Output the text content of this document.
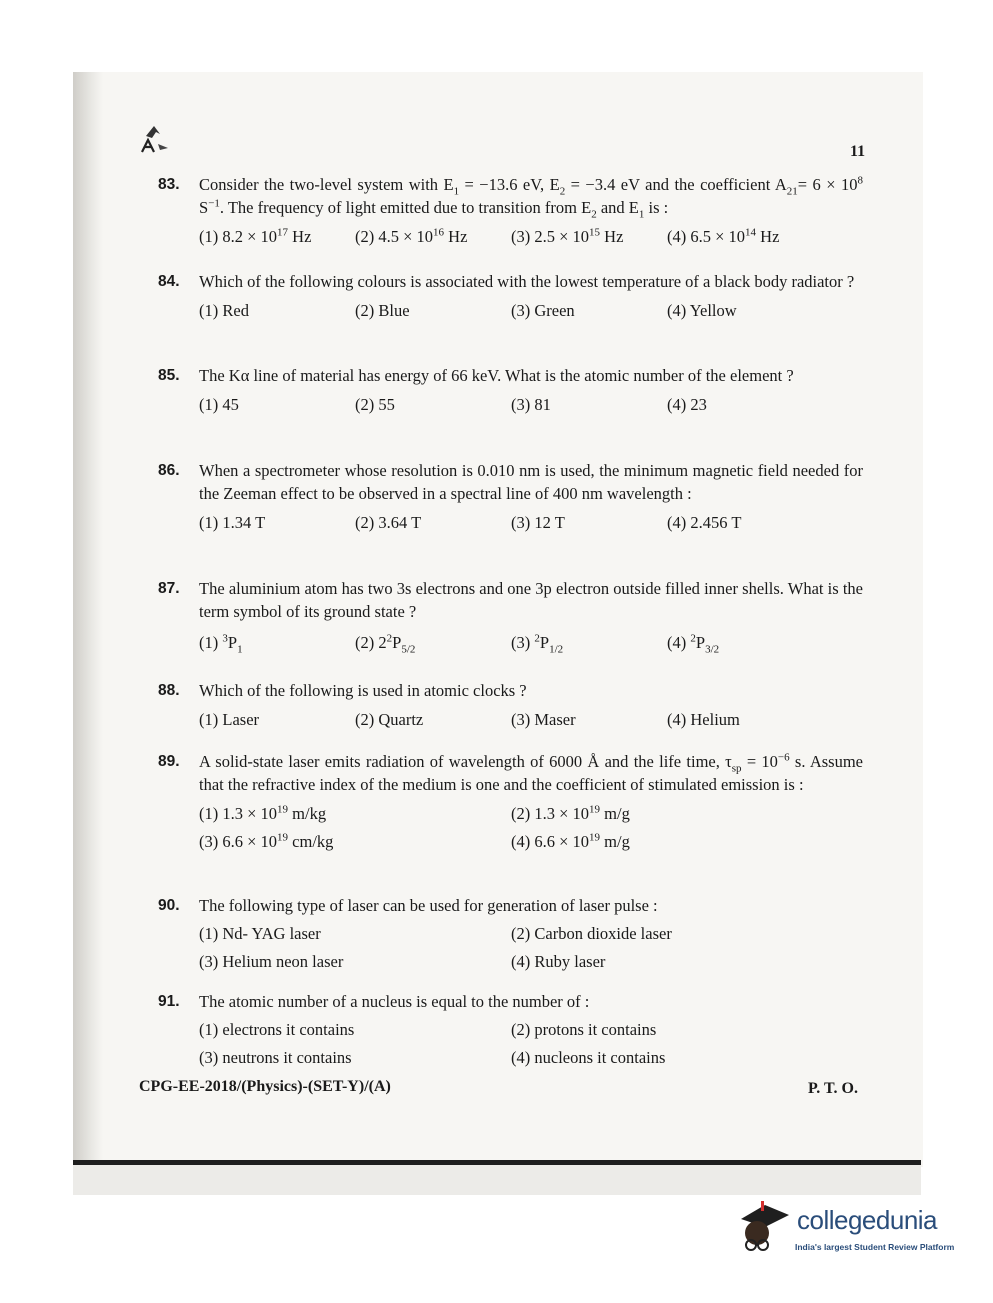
11
83. Consider the two-level system with $E_1 = -13.6$ eV, $E_2 = -3.4$ eV and the coefficient $A_{21}= 6 \times 10^8$ $S^{-1}$. The frequency of light emitted due to transition from $E_2$ and $E_1$ is :
(1) $8.2 \times 10^{17}$ Hz	(2) $4.5 \times 10^{16}$ Hz	(3) $2.5 \times 10^{15}$ Hz	(4) $6.5 \times 10^{14}$ Hz
84. Which of the following colours is associated with the lowest temperature of a black body radiator ?
(1) Red	(2) Blue	(3) Green	(4) Yellow
85. The Kα line of material has energy of 66 keV. What is the atomic number of the element ?
(1) 45	(2) 55	(3) 81	(4) 23
86. When a spectrometer whose resolution is 0.010 nm is used, the minimum magnetic field needed for the Zeeman effect to be observed in a spectral line of 400 nm wavelength :
(1) 1.34 T	(2) 3.64 T	(3) 12 T	(4) 2.456 T
87. The aluminium atom has two 3s electrons and one 3p electron outside filled inner shells. What is the term symbol of its ground state ?
(1) $^3P_1$	(2) $2^2P_{5/2}$	(3) $^2P_{1/2}$	(4) $^2P_{3/2}$
88. Which of the following is used in atomic clocks ?
(1) Laser	(2) Quartz	(3) Maser	(4) Helium
89. A solid-state laser emits radiation of wavelength of 6000 Å and the life time, $\tau_{sp} = 10^{-6}$ s. Assume that the refractive index of the medium is one and the coefficient of stimulated emission is :
(1) $1.3 \times 10^{19}$ m/kg	(2) $1.3 \times 10^{19}$ m/g
(3) $6.6 \times 10^{19}$ cm/kg	(4) $6.6 \times 10^{19}$ m/g
90. The following type of laser can be used for generation of laser pulse :
(1) Nd- YAG laser	(2) Carbon dioxide laser
(3) Helium neon laser	(4) Ruby laser
91. The atomic number of a nucleus is equal to the number of :
(1) electrons it contains	(2) protons it contains
(3) neutrons it contains	(4) nucleons it contains
CPG-EE-2018/(Physics)-(SET-Y)/(A)	P. T. O.
collegedunia
India's largest Student Review Platform
